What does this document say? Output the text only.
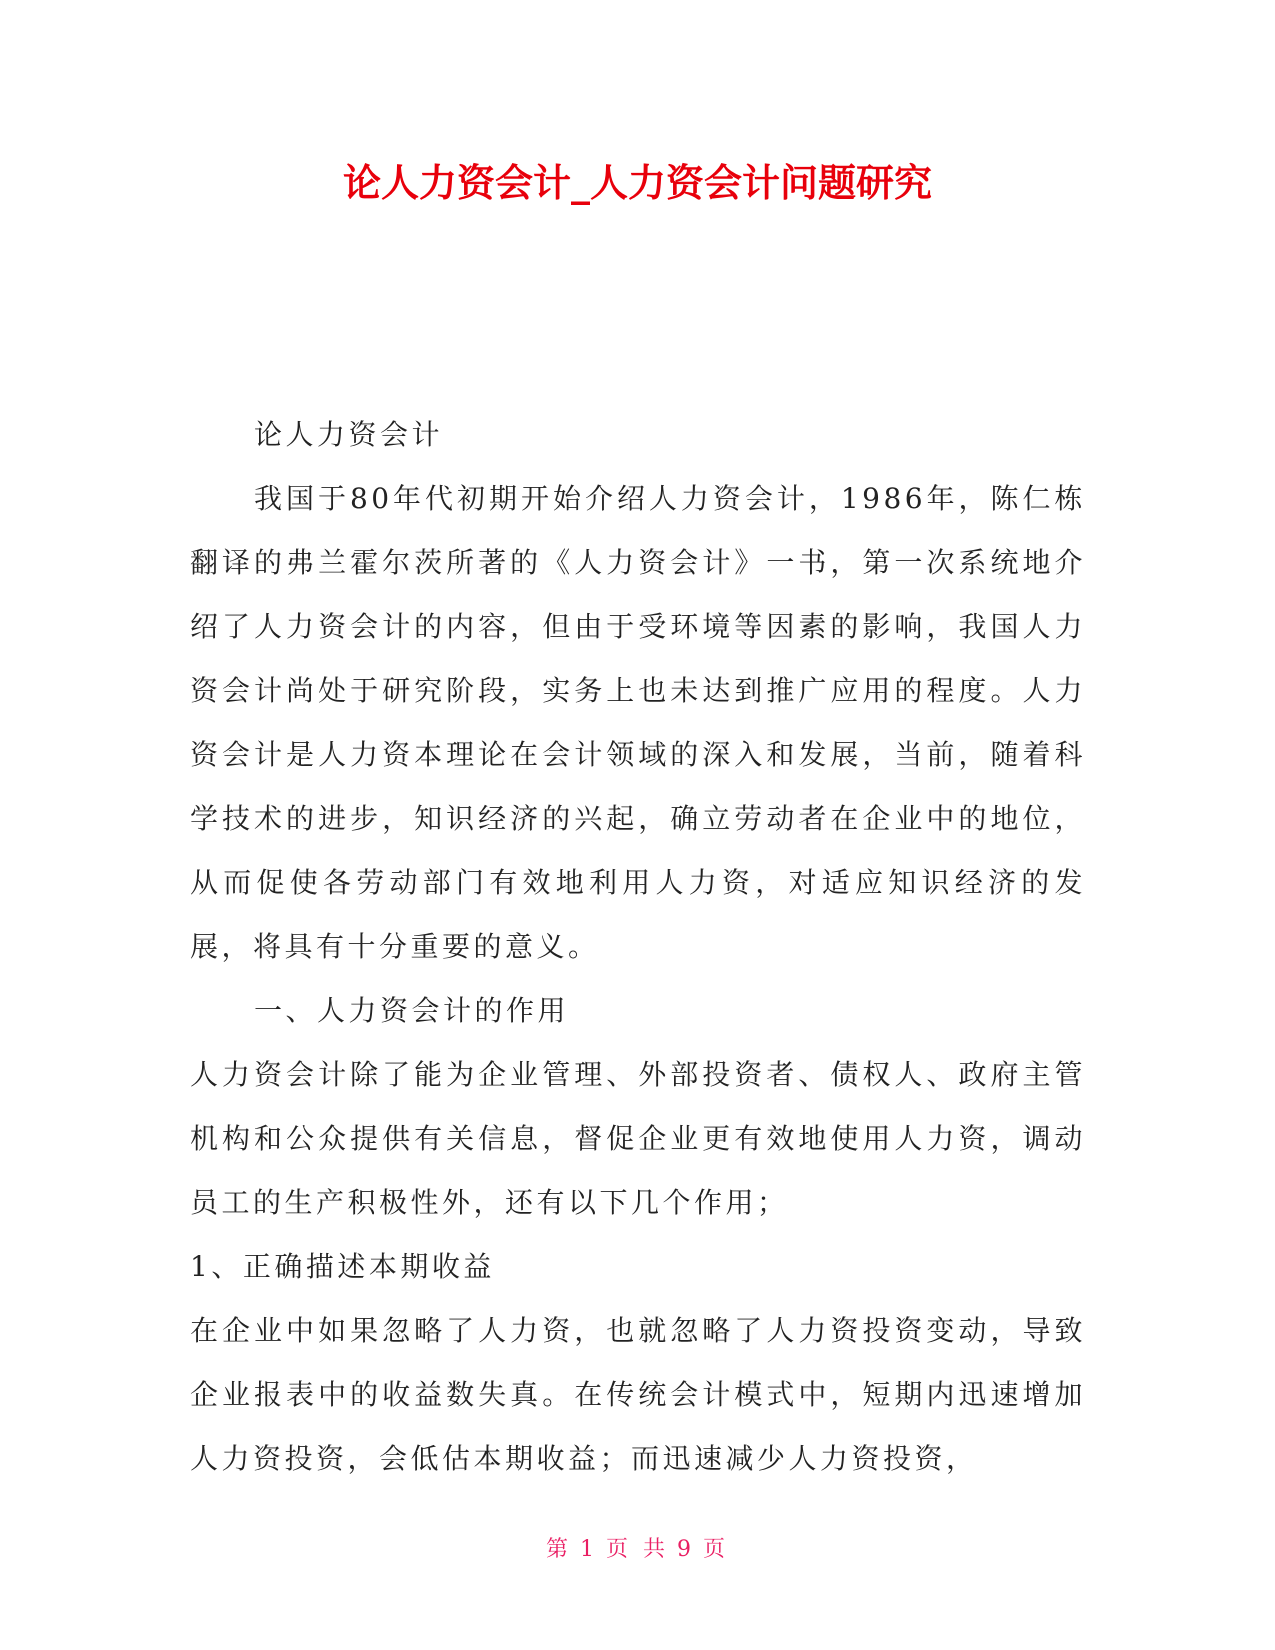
论人力资会计_人力资会计问题研究

论人力资会计

我国于80年代初期开始介绍人力资会计，1986年，陈仁栋翻译的弗兰霍尔茨所著的《人力资会计》一书，第一次系统地介绍了人力资会计的内容，但由于受环境等因素的影响，我国人力资会计尚处于研究阶段，实务上也未达到推广应用的程度。人力资会计是人力资本理论在会计领域的深入和发展，当前，随着科学技术的进步，知识经济的兴起，确立劳动者在企业中的地位，从而促使各劳动部门有效地利用人力资，对适应知识经济的发展，将具有十分重要的意义。

一、人力资会计的作用

人力资会计除了能为企业管理、外部投资者、债权人、政府主管机构和公众提供有关信息，督促企业更有效地使用人力资，调动员工的生产积极性外，还有以下几个作用；

1、正确描述本期收益

在企业中如果忽略了人力资，也就忽略了人力资投资变动，导致企业报表中的收益数失真。在传统会计模式中，短期内迅速增加人力资投资，会低估本期收益；而迅速减少人力资投资，

第 1 页 共 9 页
